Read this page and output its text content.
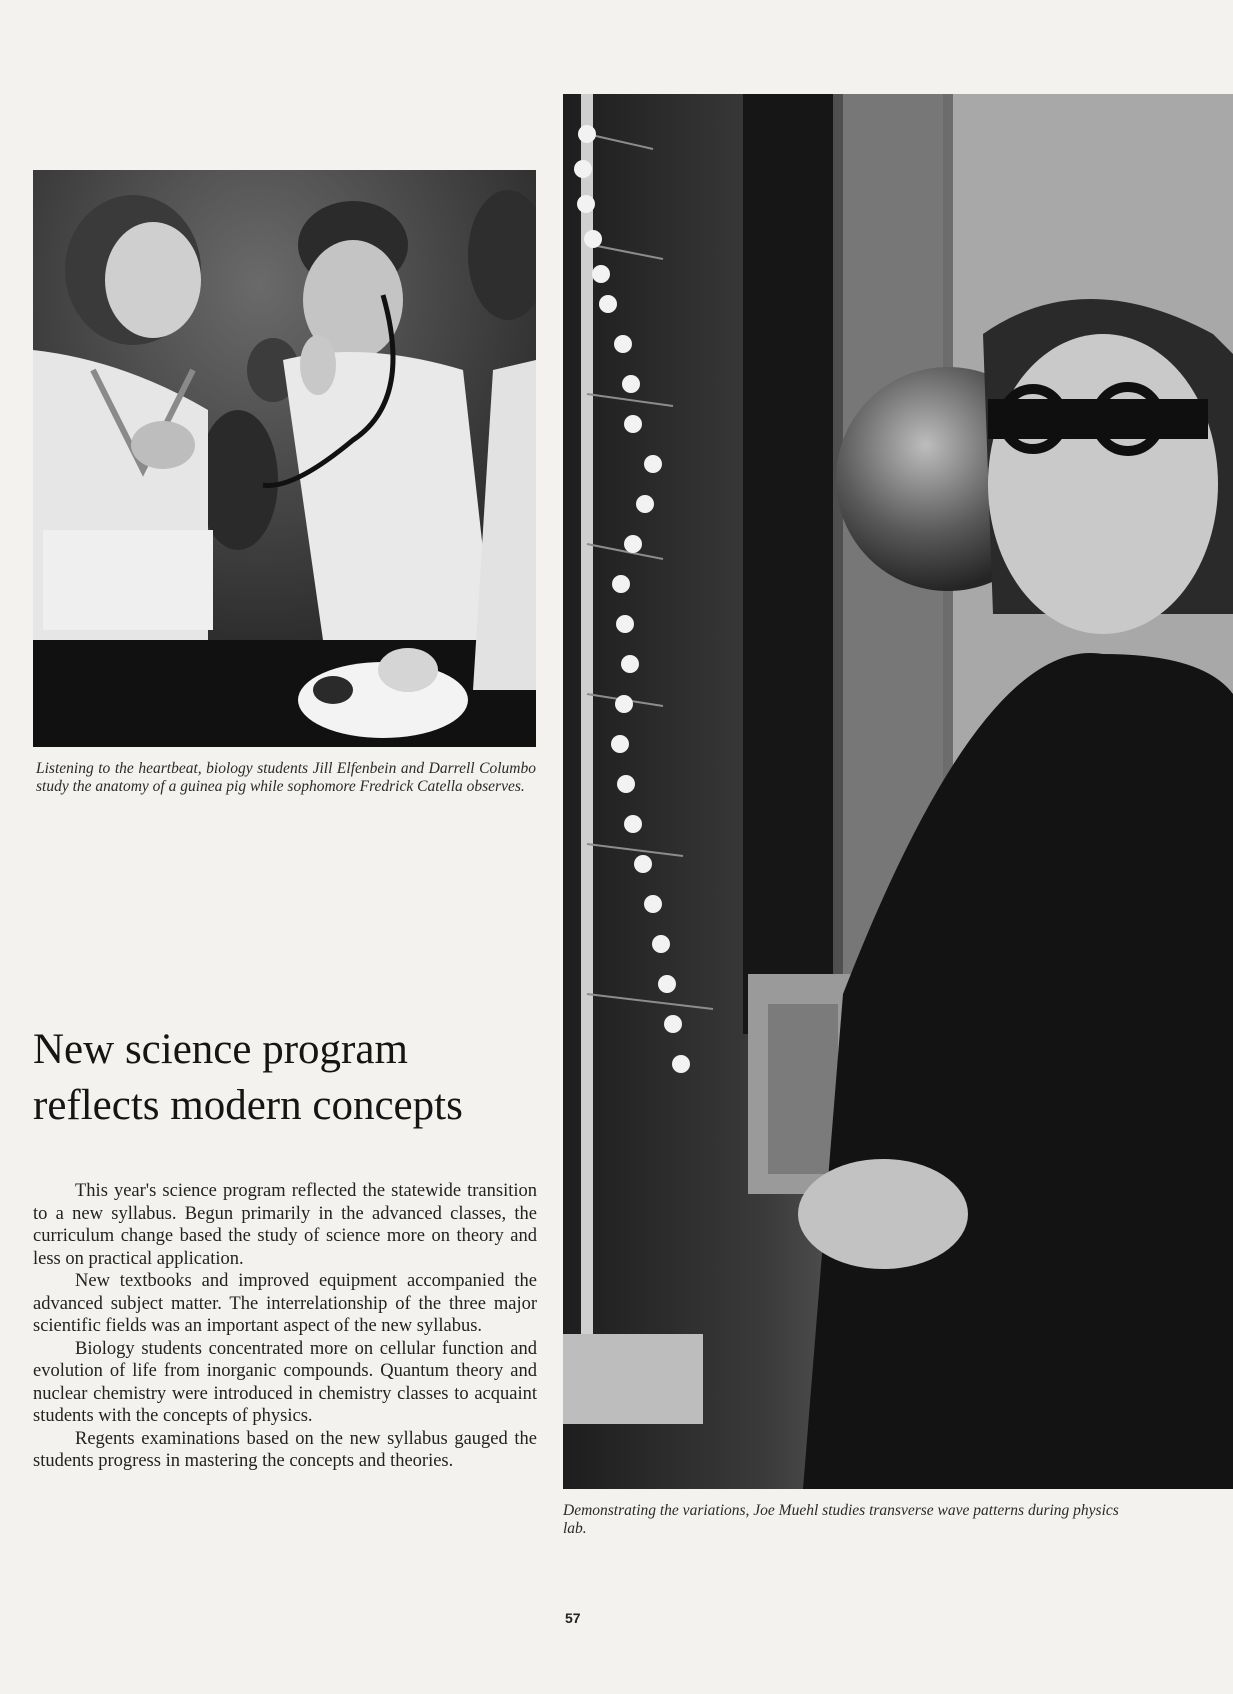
Listening to the heartbeat, biology students Jill Elfenbein and Darrell Columbo study the anatomy of a guinea pig while sophomore Fredrick Catella observes.
Demonstrating the variations, Joe Muehl studies transverse wave patterns during physics lab.
New science program
reflects modern concepts

This year's science program reflected the statewide transition to a new syllabus. Begun primarily in the advanced classes, the curriculum change based the study of science more on theory and less on practical application.

New textbooks and improved equipment accompanied the advanced subject matter. The interrelationship of the three major scientific fields was an important aspect of the new syllabus.

Biology students concentrated more on cellular function and evolution of life from inorganic compounds. Quantum theory and nuclear chemistry were introduced in chemistry classes to acquaint students with the concepts of physics.

Regents examinations based on the new syllabus gauged the students progress in mastering the concepts and theories.

57
